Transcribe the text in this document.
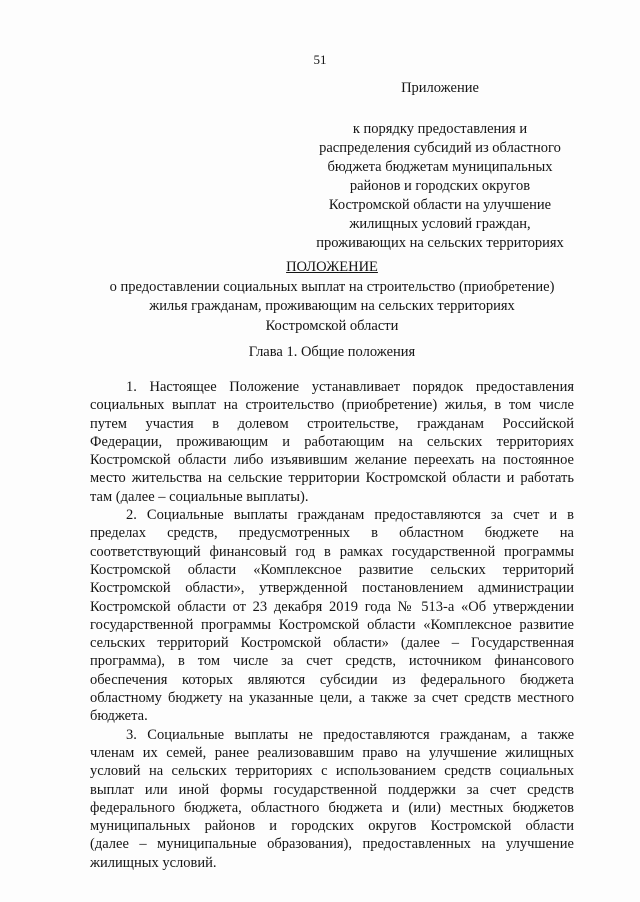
51
Приложение
к порядку предоставления и
распределения субсидий из областного
бюджета бюджетам муниципальных
районов и городских округов
Костромской области на улучшение
жилищных условий граждан,
проживающих на сельских территориях
ПОЛОЖЕНИЕ
о предоставлении социальных выплат на строительство (приобретение)
жилья гражданам, проживающим на сельских территориях
Костромской области
Глава 1. Общие положения
1. Настоящее Положение устанавливает порядок предоставления
социальных выплат на строительство (приобретение) жилья, в том числе
путем участия в долевом строительстве, гражданам Российской
Федерации, проживающим и работающим на сельских территориях
Костромской области либо изъявившим желание переехать на постоянное
место жительства на сельские территории Костромской области и работать
там (далее – социальные выплаты).
2. Социальные выплаты гражданам предоставляются за счет и в
пределах средств, предусмотренных в областном бюджете на
соответствующий финансовый год в рамках государственной программы
Костромской области «Комплексное развитие сельских территорий
Костромской области», утвержденной постановлением администрации
Костромской области от 23 декабря 2019 года № 513-а «Об утверждении
государственной программы Костромской области «Комплексное развитие
сельских территорий Костромской области» (далее – Государственная
программа), в том числе за счет средств, источником финансового
обеспечения которых являются субсидии из федерального бюджета
областному бюджету на указанные цели, а также за счет средств местного
бюджета.
3. Социальные выплаты не предоставляются гражданам, а также
членам их семей, ранее реализовавшим право на улучшение жилищных
условий на сельских территориях с использованием средств социальных
выплат или иной формы государственной поддержки за счет средств
федерального бюджета, областного бюджета и (или) местных бюджетов
муниципальных районов и городских округов Костромской области
(далее – муниципальные образования), предоставленных на улучшение
жилищных условий.
